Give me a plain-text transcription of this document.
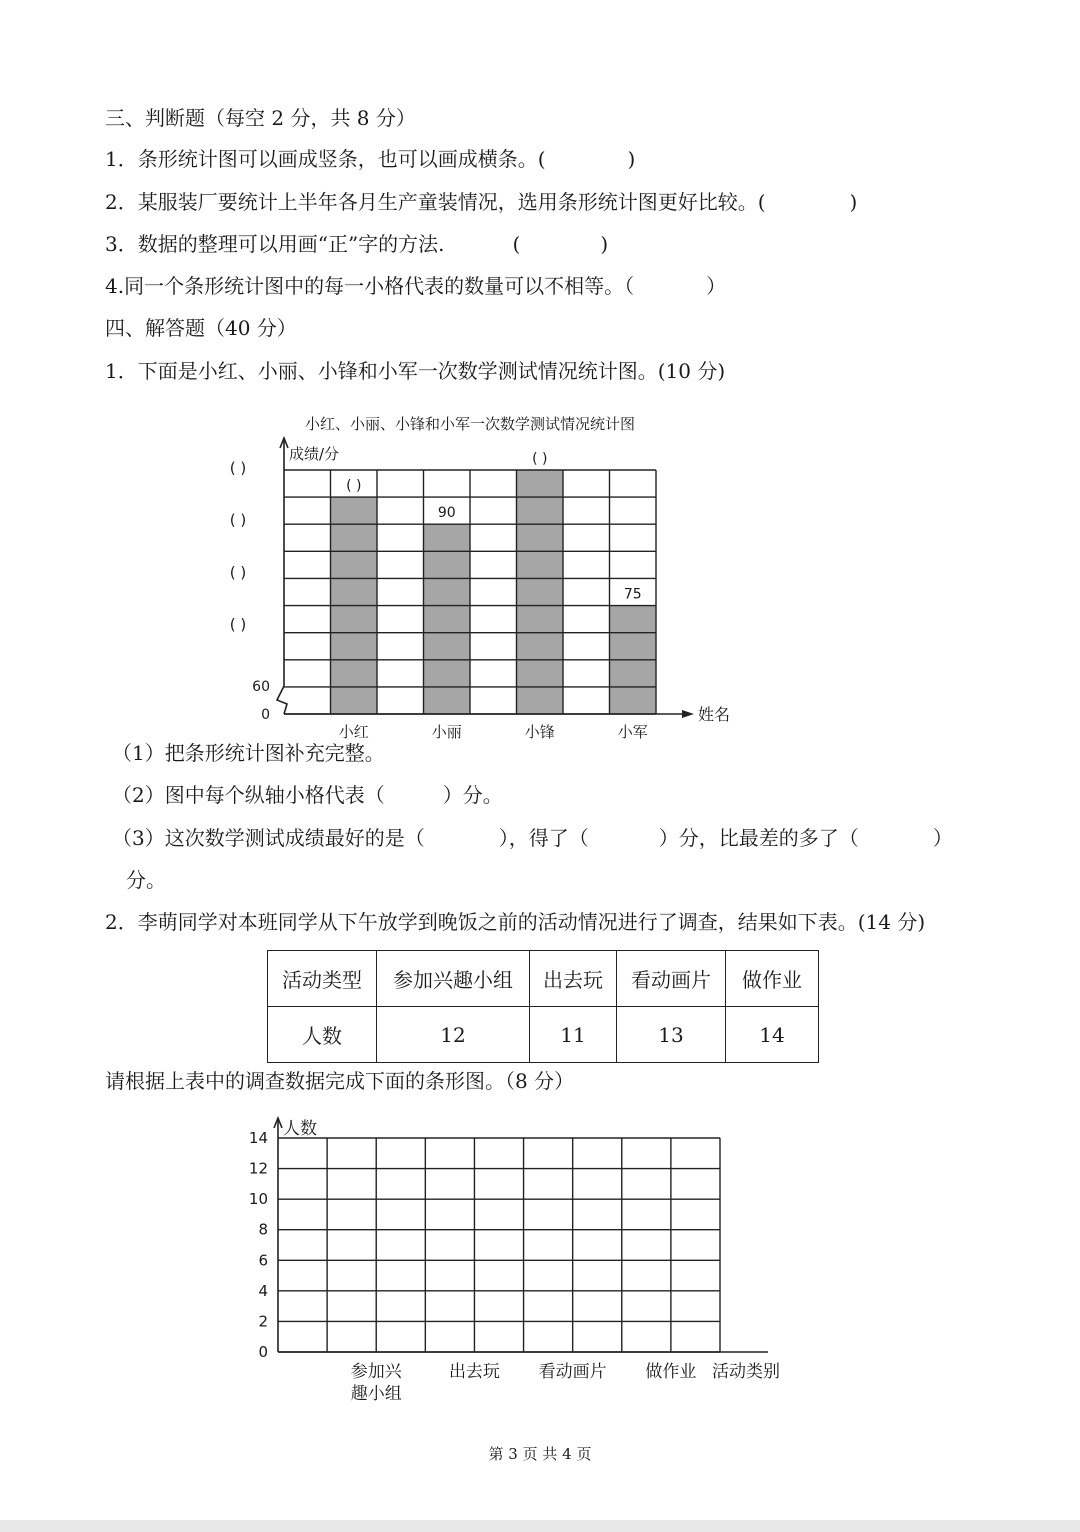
三、判断题（每空 2 分，共 8 分）
1．条形统计图可以画成竖条，也可以画成横条。(	)
2．某服装厂要统计上半年各月生产童装情况，选用条形统计图更好比较。(	)
3．数据的整理可以用画“正”字的方法.	(	)
4.同一个条形统计图中的每一小格代表的数量可以不相等。（	）
四、解答题（40 分）
1．下面是小红、小丽、小锋和小军一次数学测试情况统计图。(10 分)
小红、小丽、小锋和小军一次数学测试情况统计图
成绩/分
姓名
( )
90
( )
75
小红	小丽	小锋	小军
60
0
( )
( )
( )
( )
（1）把条形统计图补充完整。
（2）图中每个纵轴小格代表（	）分。
（3）这次数学测试成绩最好的是（	），得了（	）分，比最差的多了（	）
分。
2．李萌同学对本班同学从下午放学到晚饭之前的活动情况进行了调查，结果如下表。(14 分)
活动类型	参加兴趣小组	出去玩	看动画片	做作业
人数	12	11	13	14
请根据上表中的调查数据完成下面的条形图。（8 分）
人数
0
2
4
6
8
10
12
14
参加兴
趣小组
出去玩 看动画片 做作业 活动类别
第 3 页 共 4 页
